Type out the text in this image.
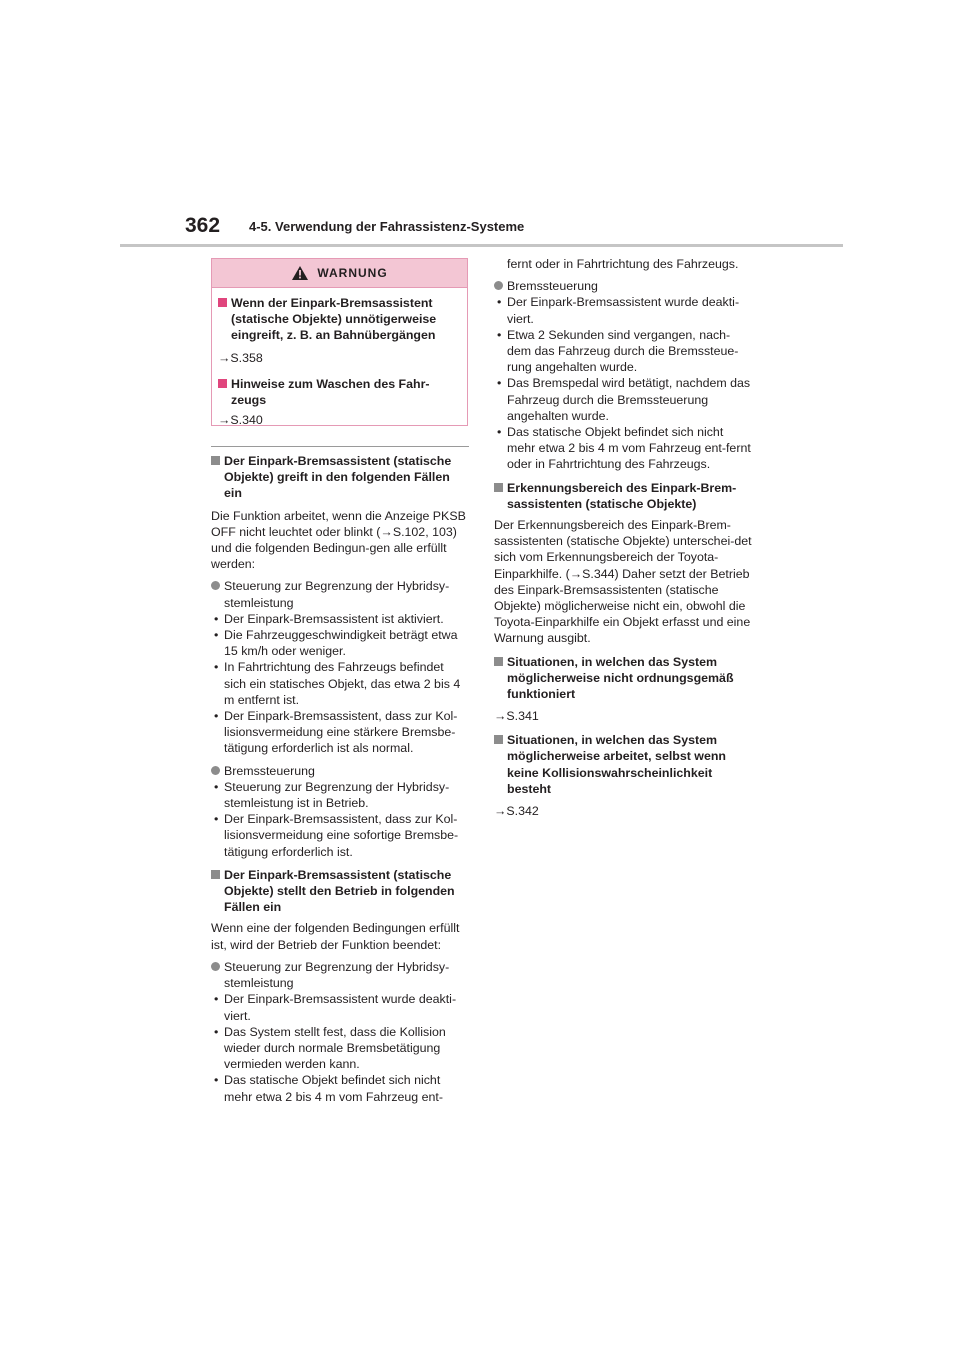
362 4-5. Verwendung der Fahrassistenz-Systeme
WARNUNG
Wenn der Einpark-Bremsassistent (statische Objekte) unnötigerweise eingreift, z. B. an Bahnübergängen
→S.358
Hinweise zum Waschen des Fahr-zeugs
→S.340
Der Einpark-Bremsassistent (statische Objekte) greift in den folgenden Fällen ein

Die Funktion arbeitet, wenn die Anzeige PKSB OFF nicht leuchtet oder blinkt (→S.102, 103) und die folgenden Bedingun-gen alle erfüllt werden:

Steuerung zur Begrenzung der Hybridsy-stemleistung
• Der Einpark-Bremsassistent ist aktiviert.
• Die Fahrzeuggeschwindigkeit beträgt etwa 15 km/h oder weniger.
• In Fahrtrichtung des Fahrzeugs befindet sich ein statisches Objekt, das etwa 2 bis 4 m entfernt ist.
• Der Einpark-Bremsassistent, dass zur Kol-lisionsvermeidung eine stärkere Bremsbe-tätigung erforderlich ist als normal.
Bremssteuerung
• Steuerung zur Begrenzung der Hybridsy-stemleistung ist in Betrieb.
• Der Einpark-Bremsassistent, dass zur Kol-lisionsvermeidung eine sofortige Bremsbe-tätigung erforderlich ist.
Der Einpark-Bremsassistent (statische Objekte) stellt den Betrieb in folgenden Fällen ein

Wenn eine der folgenden Bedingungen erfüllt ist, wird der Betrieb der Funktion beendet:

Steuerung zur Begrenzung der Hybridsy-stemleistung
• Der Einpark-Bremsassistent wurde deakti-viert.
• Das System stellt fest, dass die Kollision wieder durch normale Bremsbetätigung vermieden werden kann.
• Das statische Objekt befindet sich nicht mehr etwa 2 bis 4 m vom Fahrzeug ent-

fernt oder in Fahrtrichtung des Fahrzeugs.

Bremssteuerung
• Der Einpark-Bremsassistent wurde deakti-viert.
• Etwa 2 Sekunden sind vergangen, nach-dem das Fahrzeug durch die Bremssteue-rung angehalten wurde.
• Das Bremspedal wird betätigt, nachdem das Fahrzeug durch die Bremssteuerung angehalten wurde.
• Das statische Objekt befindet sich nicht mehr etwa 2 bis 4 m vom Fahrzeug ent-fernt oder in Fahrtrichtung des Fahrzeugs.
Erkennungsbereich des Einpark-Brem-sassistenten (statische Objekte)

Der Erkennungsbereich des Einpark-Brem-sassistenten (statische Objekte) unterschei-det sich vom Erkennungsbereich der Toyota-Einparkhilfe. (→S.344) Daher setzt der Betrieb des Einpark-Bremsassistenten (statische Objekte) möglicherweise nicht ein, obwohl die Toyota-Einparkhilfe ein Objekt erfasst und eine Warnung ausgibt.

Situationen, in welchen das System möglicherweise nicht ordnungsgemäß funktioniert
→S.341
Situationen, in welchen das System möglicherweise arbeitet, selbst wenn keine Kollisionswahrscheinlichkeit besteht
→S.342
